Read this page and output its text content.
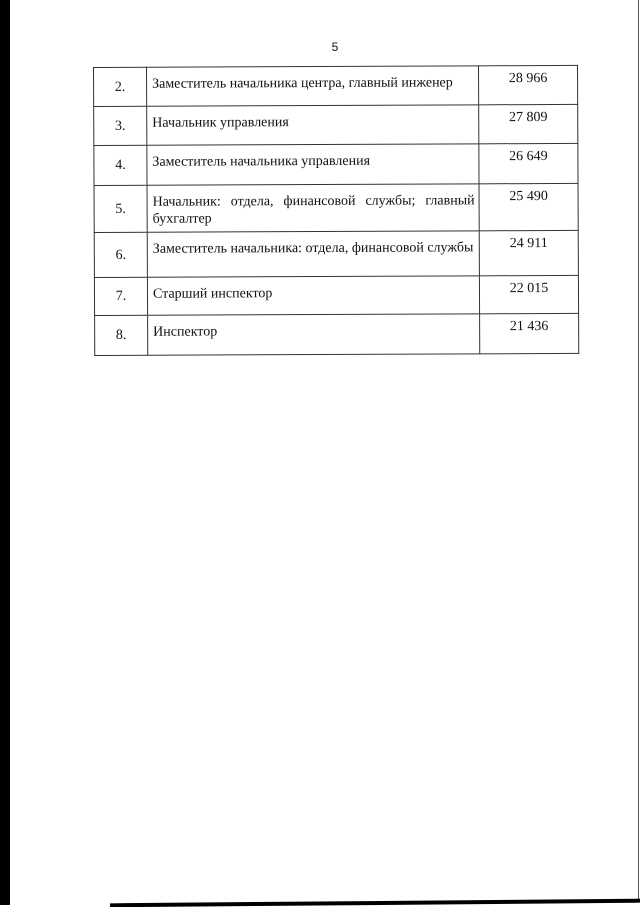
5
2.	Заместитель начальника центра, главный инженер	28 966
3.	Начальник управления	27 809
4.	Заместитель начальника управления	26 649
5.	Начальник: отдела, финансовой службы; главный бухгалтер	25 490
6.	Заместитель начальника: отдела, финансовой службы	24 911
7.	Старший инспектор	22 015
8.	Инспектор	21 436
